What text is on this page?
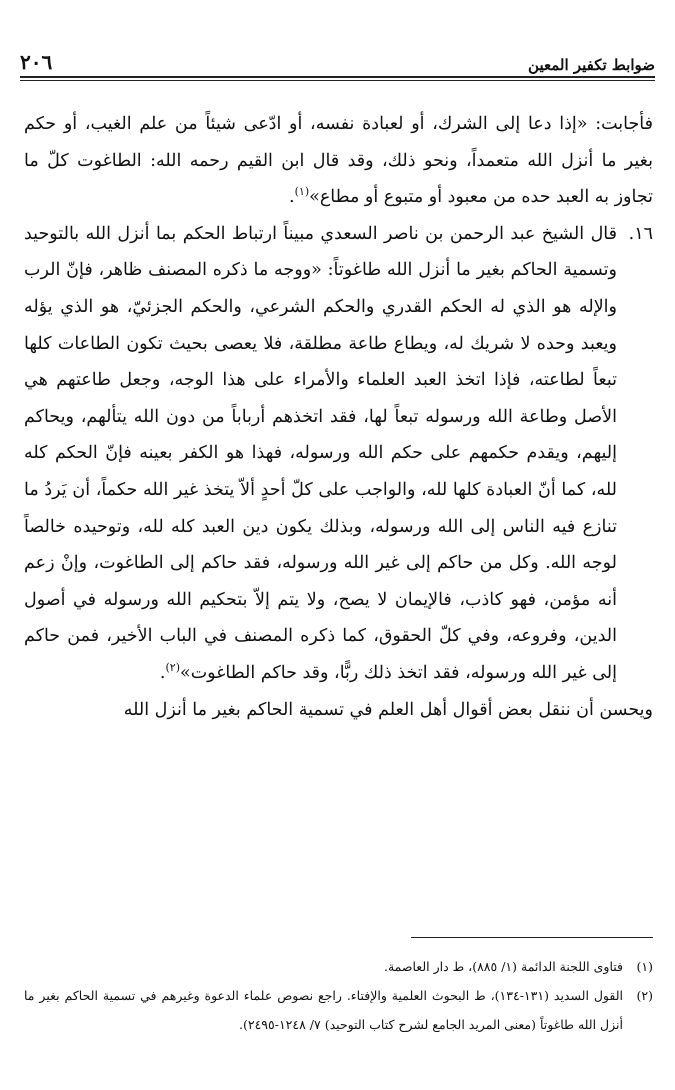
ضوابط تكفير المعين
٢٠٦

فأجابت: «إذا دعا إلى الشرك، أو لعبادة نفسه، أو ادّعى شيئاً من علم الغيب، أو حكم بغير ما أنزل الله متعمداً، ونحو ذلك، وقد قال ابن القيم رحمه الله: الطاغوت كلّ ما تجاوز به العبد حده من معبود أو متبوع أو مطاع»$^{(١)}$.

١٦.
قال الشيخ عبد الرحمن بن ناصر السعدي مبيناً ارتباط الحكم بما أنزل الله بالتوحيد وتسمية الحاكم بغير ما أنزل الله طاغوتاً: «ووجه ما ذكره المصنف ظاهر، فإنّ الرب والإله هو الذي له الحكم القدري والحكم الشرعي، والحكم الجزئيّ، هو الذي يؤله ويعبد وحده لا شريك له، ويطاع طاعة مطلقة، فلا يعصى بحيث تكون الطاعات كلها تبعاً لطاعته، فإذا اتخذ العبد العلماء والأمراء على هذا الوجه، وجعل طاعتهم هي الأصل وطاعة الله ورسوله تبعاً لها، فقد اتخذهم أرباباً من دون الله يتألهم، ويحاكم إليهم، ويقدم حكمهم على حكم الله ورسوله، فهذا هو الكفر بعينه فإنّ الحكم كله لله، كما أنّ العبادة كلها لله، والواجب على كلّ أحدٍ ألاّ يتخذ غير الله حكماً، أن يَردُ ما تنازع فيه الناس إلى الله ورسوله، وبذلك يكون دين العبد كله لله، وتوحيده خالصاً لوجه الله. وكل من حاكم إلى غير الله ورسوله، فقد حاكم إلى الطاغوت، وإنْ زعم أنه مؤمن، فهو كاذب، فالإيمان لا يصح، ولا يتم إلاّ بتحكيم الله ورسوله في أصول الدين، وفروعه، وفي كلّ الحقوق، كما ذكره المصنف في الباب الأخير، فمن حاكم إلى غير الله ورسوله، فقد اتخذ ذلك ربًّا، وقد حاكم الطاغوت»$^{(٢)}$.

ويحسن أن ننقل بعض أقوال أهل العلم في تسمية الحاكم بغير ما أنزل الله

(١)
فتاوى اللجنة الدائمة (١/ ٨٨٥)، ط دار العاصمة.
(٢)
القول السديد (١٣١-١٣٤)، ط البحوث العلمية والإفتاء. راجع نصوص علماء الدعوة وغيرهم في تسمية الحاكم بغير ما أنزل الله طاغوتاً (معنى المريد الجامع لشرح كتاب التوحيد) ٧/ ١٢٤٨-٢٤٩٥).
